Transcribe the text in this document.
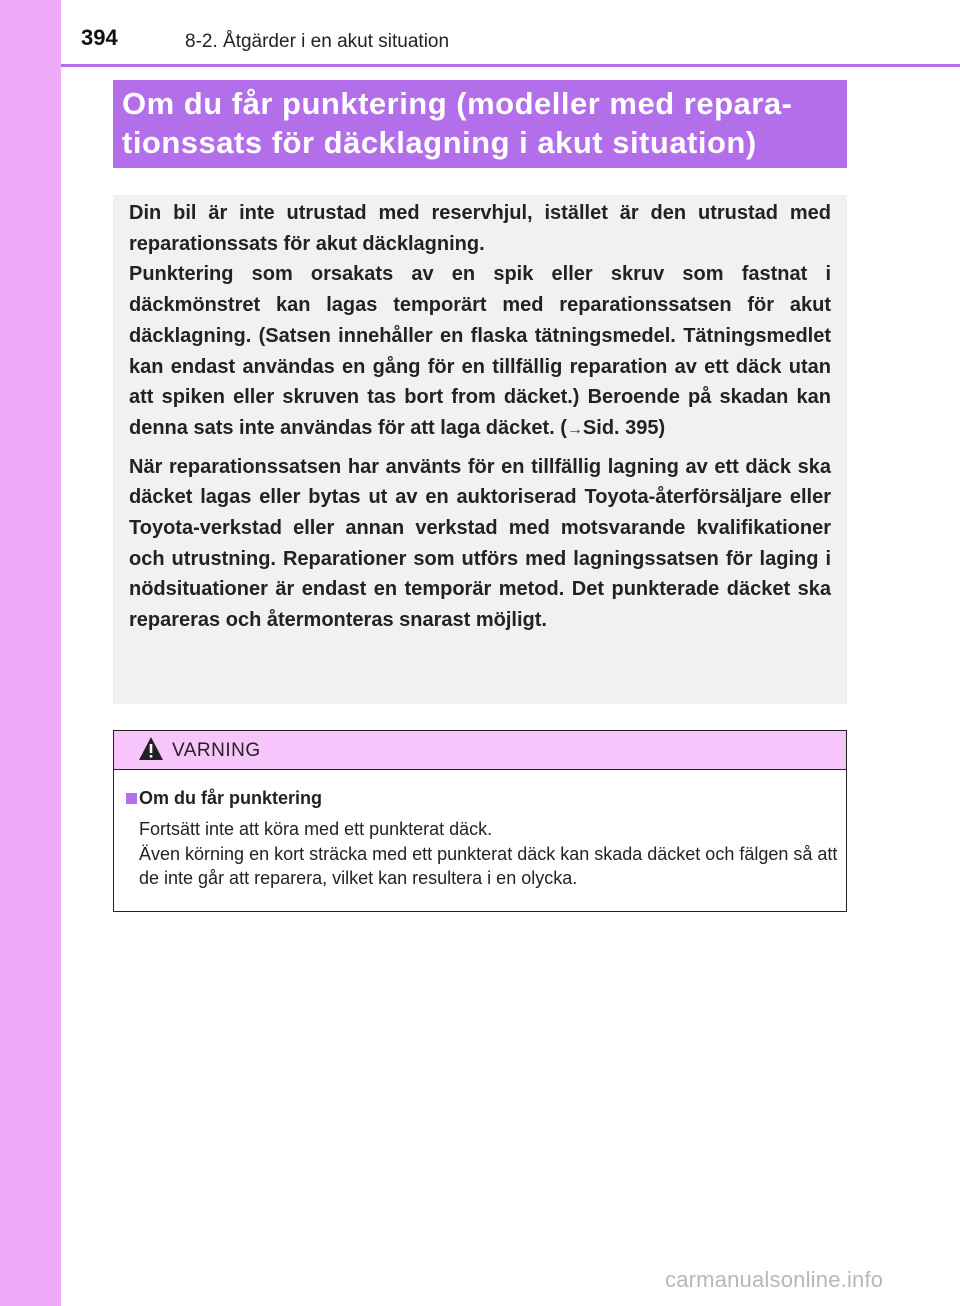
394	8-2. Åtgärder i en akut situation
Om du får punktering (modeller med repara-
tionssats för däcklagning i akut situation)

Din bil är inte utrustad med reservhjul, istället är den utrustad med reparationssats för akut däcklagning.

Punktering som orsakats av en spik eller skruv som fastnat i däckmönstret kan lagas temporärt med reparationssatsen för akut däcklagning. (Satsen innehåller en flaska tätningsmedel. Tätningsmedlet kan endast användas en gång för en tillfällig reparation av ett däck utan att spiken eller skruven tas bort from däcket.) Beroende på skadan kan denna sats inte användas för att laga däcket. (→Sid. 395)

När reparationssatsen har använts för en tillfällig lagning av ett däck ska däcket lagas eller bytas ut av en auktoriserad Toyota-återförsäljare eller Toyota-verkstad eller annan verkstad med motsvarande kvalifikationer och utrustning. Reparationer som utförs med lagningssatsen för laging i nödsituationer är endast en temporär metod. Det punkterade däcket ska repareras och återmonteras snarast möjligt.

VARNING
Om du får punktering

Fortsätt inte att köra med ett punkterat däck.

Även körning en kort sträcka med ett punkterat däck kan skada däcket och fälgen så att de inte går att reparera, vilket kan resultera i en olycka.

carmanualsonline.info
